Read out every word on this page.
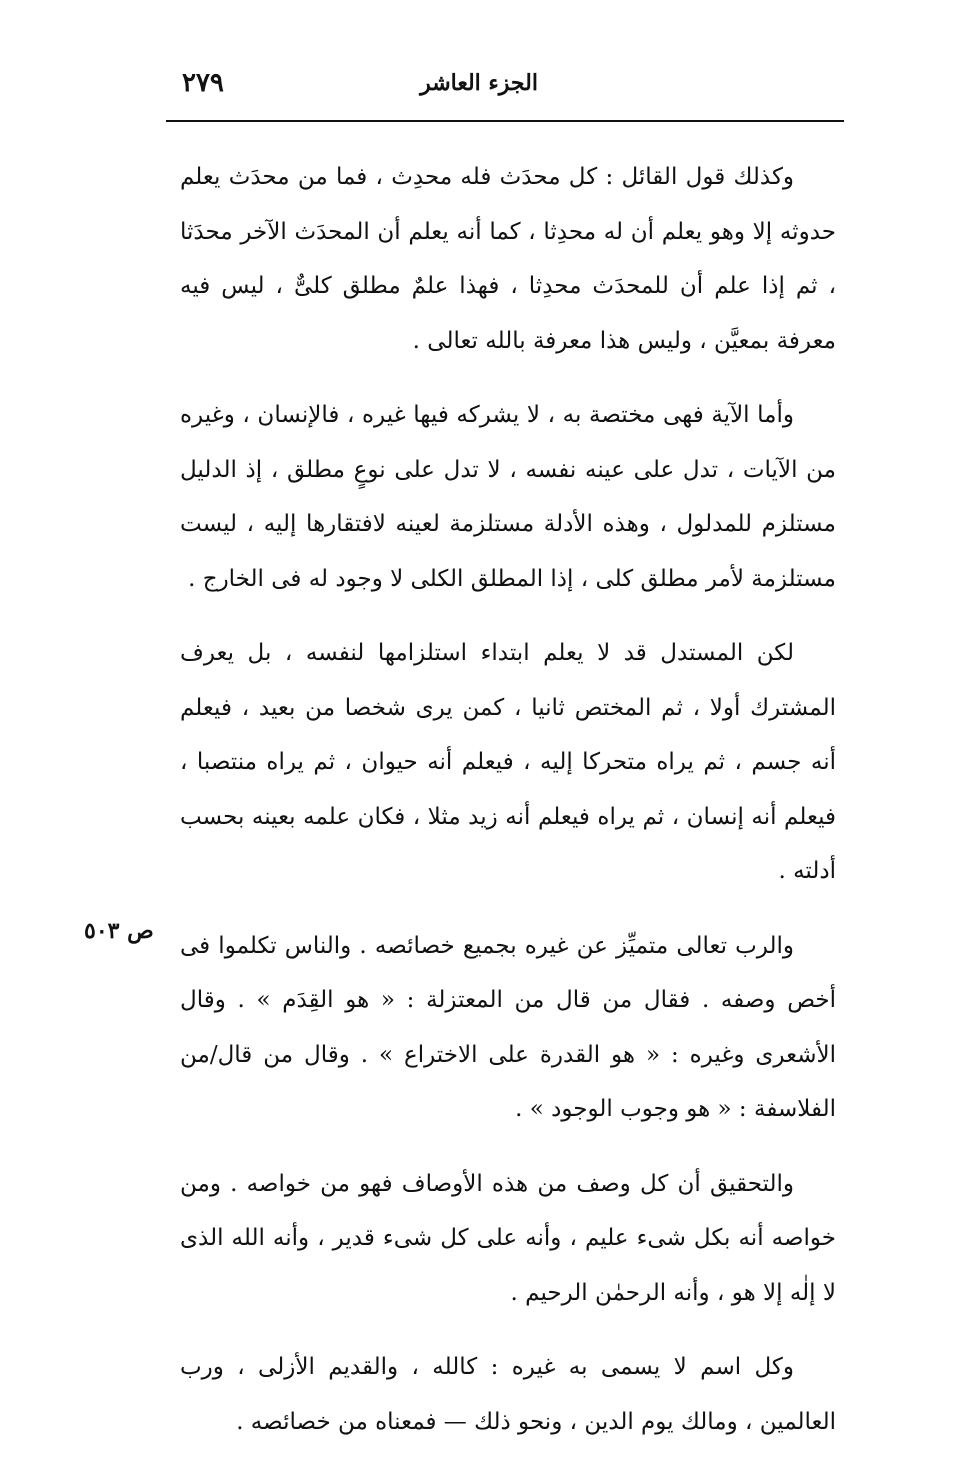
٢٧٩	الجزء العاشر

وكذلك قول القائل : كل محدَث فله محدِث ، فما من محدَث يعلم حدوثه إلا وهو يعلم أن له محدِثا ، كما أنه يعلم أن المحدَث الآخر محدَثا ، ثم إذا علم أن للمحدَث محدِثا ، فهذا علمٌ مطلق كلىٌّ ، ليس فيه معرفة بمعيَّن ، وليس هذا معرفة بالله تعالى .

وأما الآية فهى مختصة به ، لا يشركه فيها غيره ، فالإنسان ، وغيره من الآيات ، تدل على عينه نفسه ، لا تدل على نوعٍ مطلق ، إذ الدليل مستلزم للمدلول ، وهذه الأدلة مستلزمة لعينه لافتقارها إليه ، ليست مستلزمة لأمر مطلق كلى ، إذا المطلق الكلى لا وجود له فى الخارج .

لكن المستدل قد لا يعلم ابتداء استلزامها لنفسه ، بل يعرف المشترك أولا ، ثم المختص ثانيا ، كمن يرى شخصا من بعيد ، فيعلم أنه جسم ، ثم يراه متحركا إليه ، فيعلم أنه حيوان ، ثم يراه منتصبا ، فيعلم أنه إنسان ، ثم يراه فيعلم أنه زيد مثلا ، فكان علمه بعينه بحسب أدلته .

والرب تعالى متميِّز عن غيره بجميع خصائصه . والناس تكلموا فى أخص وصفه . فقال من قال من المعتزلة : « هو القِدَم » . وقال الأشعرى وغيره : « هو القدرة على الاختراع » . وقال من قال/من الفلاسفة : « هو وجوب الوجود » .

والتحقيق أن كل وصف من هذه الأوصاف فهو من خواصه . ومن خواصه أنه بكل شىء عليم ، وأنه على كل شىء قدير ، وأنه الله الذى لا إلٰه إلا هو ، وأنه الرحمٰن الرحيم .

وكل اسم لا يسمى به غيره : كالله ، والقديم الأزلى ، ورب العالمين ، ومالك يوم الدين ، ونحو ذلك — فمعناه من خصائصه .

ص ٥٠٣
